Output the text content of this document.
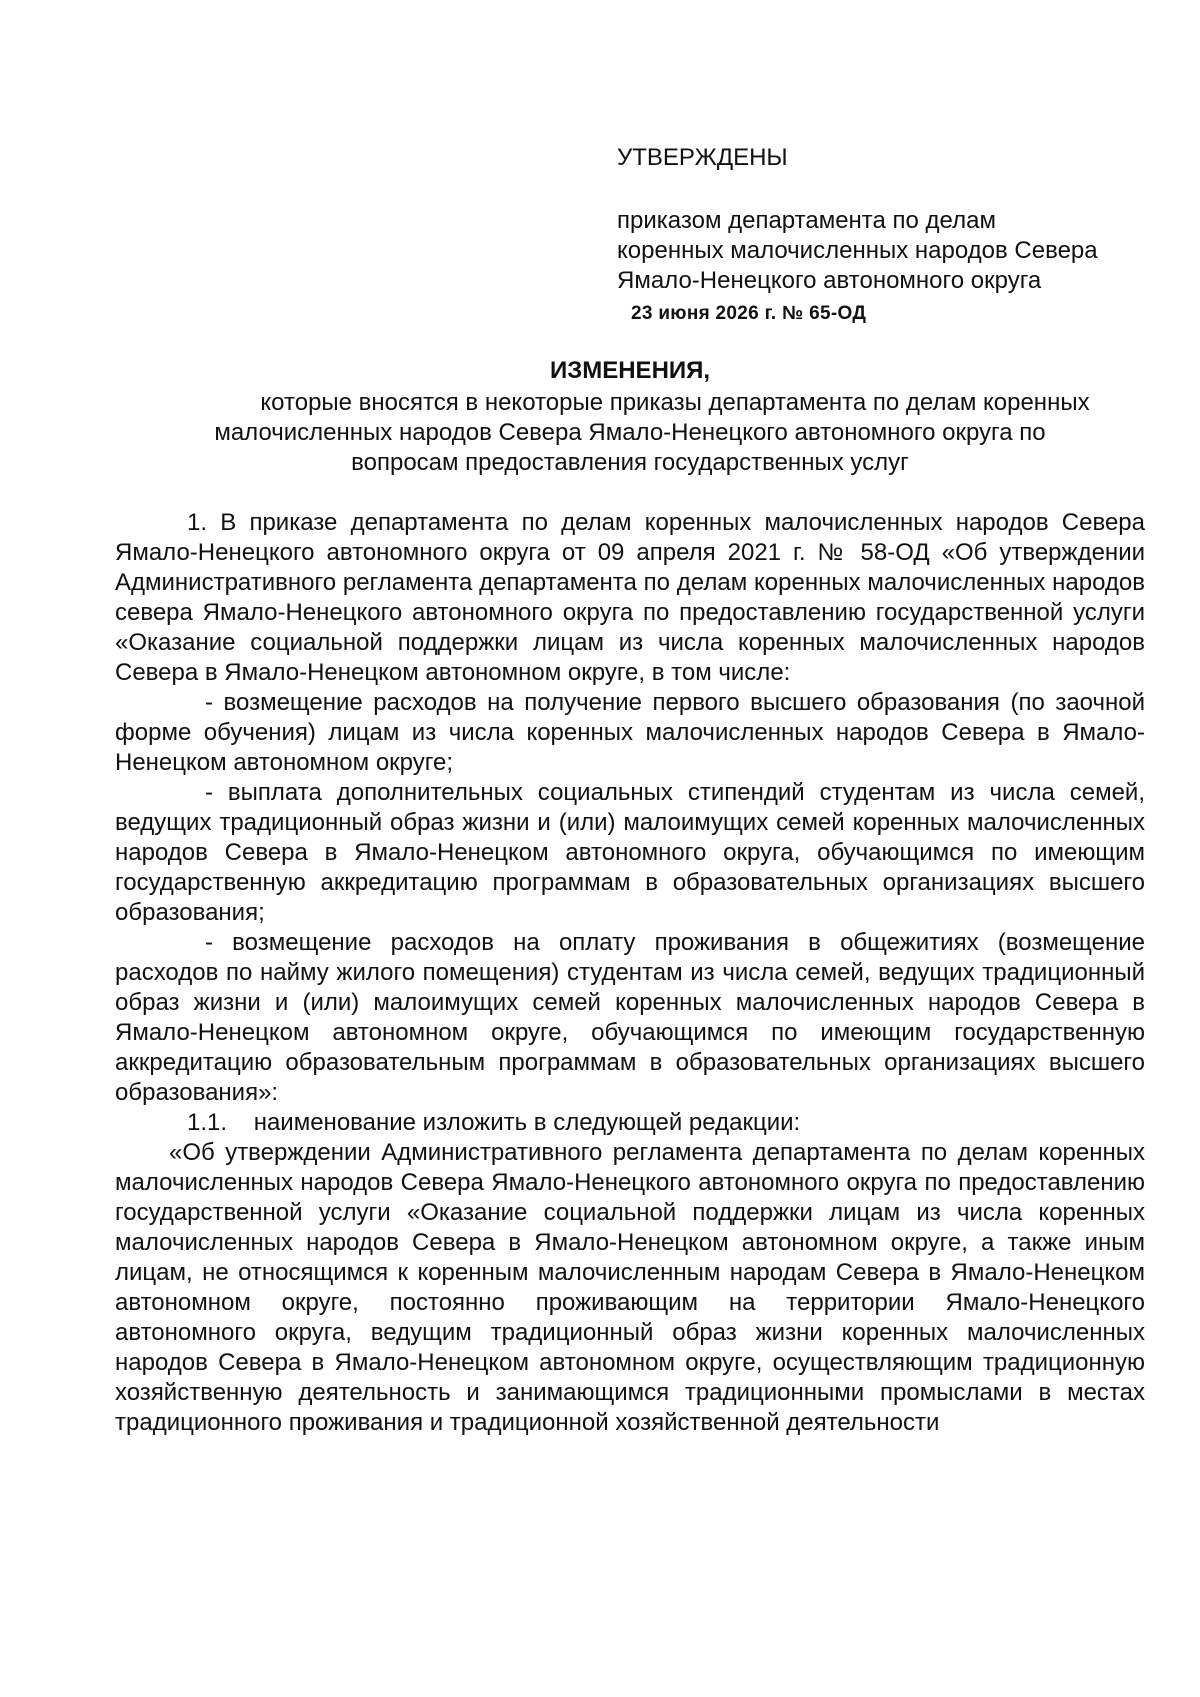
УТВЕРЖДЕНЫ
приказом департамента по делам
коренных малочисленных народов Севера
Ямало-Ненецкого автономного округа
23 июня 2026 г. № 65-ОД
ИЗМЕНЕНИЯ,
которые вносятся в некоторые приказы департамента по делам коренных
малочисленных народов Севера Ямало-Ненецкого автономного округа по
вопросам предоставления государственных услуг

1. В приказе департамента по делам коренных малочисленных народов Севера Ямало-Ненецкого автономного округа от 09 апреля 2021 г. № 58-ОД «Об утверждении Административного регламента департамента по делам коренных малочисленных народов севера Ямало-Ненецкого автономного округа по предоставлению государственной услуги «Оказание социальной поддержки лицам из числа коренных малочисленных народов Севера в Ямало-Ненецком автономном округе, в том числе:

- возмещение расходов на получение первого высшего образования (по заочной форме обучения) лицам из числа коренных малочисленных народов Севера в Ямало-Ненецком автономном округе;

- выплата дополнительных социальных стипендий студентам из числа семей, ведущих традиционный образ жизни и (или) малоимущих семей коренных малочисленных народов Севера в Ямало-Ненецком автономного округа, обучающимся по имеющим государственную аккредитацию программам в образовательных организациях высшего образования;

- возмещение расходов на оплату проживания в общежитиях (возмещение расходов по найму жилого помещения) студентам из числа семей, ведущих традиционный образ жизни и (или) малоимущих семей коренных малочисленных народов Севера в Ямало-Ненецком автономном округе, обучающимся по имеющим государственную аккредитацию образовательным программам в образовательных организациях высшего образования»:

1.1.    наименование изложить в следующей редакции:

«Об утверждении Административного регламента департамента по делам коренных малочисленных народов Севера Ямало-Ненецкого автономного округа по предоставлению государственной услуги «Оказание социальной поддержки лицам из числа коренных малочисленных народов Севера в Ямало-Ненецком автономном округе, а также иным лицам, не относящимся к коренным малочисленным народам Севера в Ямало-Ненецком автономном округе, постоянно проживающим на территории Ямало-Ненецкого автономного округа, ведущим традиционный образ жизни коренных малочисленных народов Севера в Ямало-Ненецком автономном округе, осуществляющим традиционную хозяйственную деятельность и занимающимся традиционными промыслами в местах традиционного проживания и традиционной хозяйственной деятельности
